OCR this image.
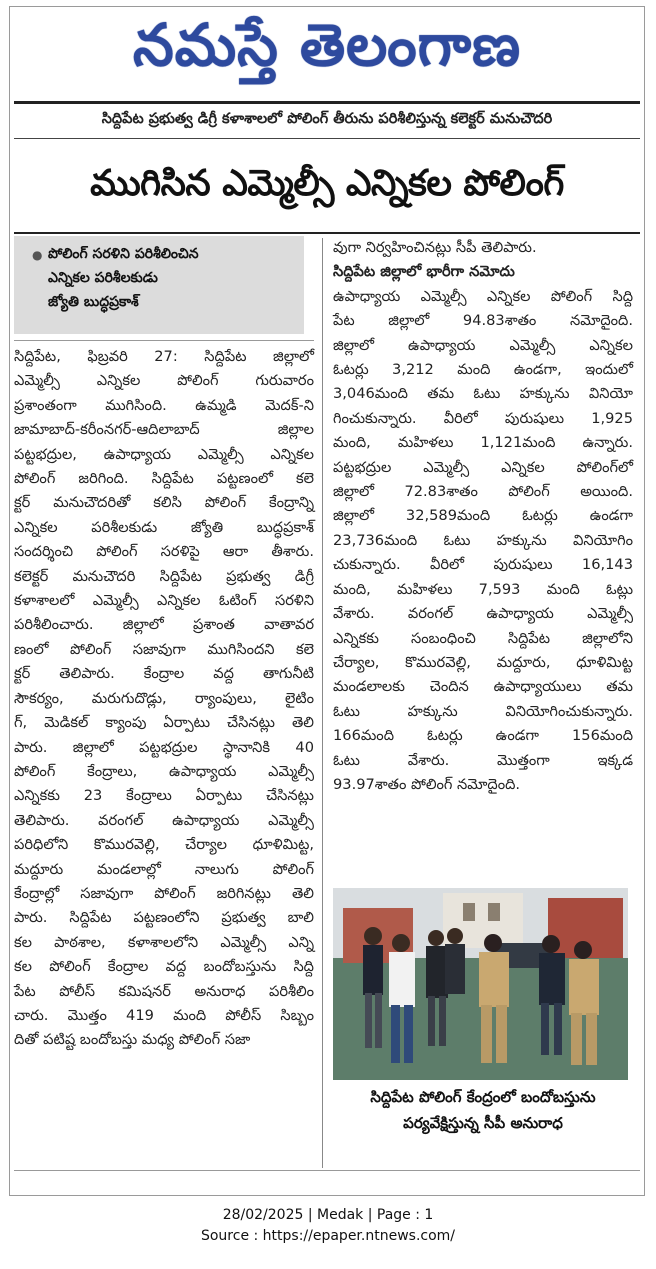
నమస్తే తెలంగాణ
సిద్దిపేట ప్రభుత్వ డిగ్రీ కళాశాలలో పోలింగ్ తీరును పరిశీలిస్తున్న కలెక్టర్ మనుచౌదరి
ముగిసిన ఎమ్మెల్సీ ఎన్నికల పోలింగ్
● పోలింగ్ సరళిని పరిశీలించిన
ఎన్నికల పరిశీలకుడు
జ్యోతి బుద్ధప్రకాశ్
సిద్దిపేట, ఫిబ్రవరి 27: సిద్దిపేట జిల్లాలో
ఎమ్మెల్సీ ఎన్నికల పోలింగ్ గురువారం
ప్రశాంతంగా ముగిసింది. ఉమ్మడి మెదక్-ని
జామాబాద్-కరీంనగర్-ఆదిలాబాద్ జిల్లాల
పట్టభద్రుల, ఉపాధ్యాయ ఎమ్మెల్సీ ఎన్నికల
పోలింగ్ జరిగింది. సిద్దిపేట పట్టణంలో కలె
క్టర్ మనుచౌదరితో కలిసి పోలింగ్ కేంద్రాన్ని
ఎన్నికల పరిశీలకుడు జ్యోతి బుద్ధప్రకాశ్
సందర్శించి పోలింగ్ సరళిపై ఆరా తీశారు.
కలెక్టర్ మనుచౌదరి సిద్దిపేట ప్రభుత్వ డిగ్రీ
కళాశాలలో ఎమ్మెల్సీ ఎన్నికల ఓటింగ్ సరళిని
పరిశీలించారు. జిల్లాలో ప్రశాంత వాతావర
ణంలో పోలింగ్ సజావుగా ముగిసిందని కలె
క్టర్ తెలిపారు. కేంద్రాల వద్ద తాగునీటి
సౌకర్యం, మరుగుదొడ్లు, ర్యాంపులు, లైటిం
గ్, మెడికల్ క్యాంపు ఏర్పాటు చేసినట్లు తెలి
పారు. జిల్లాలో పట్టభద్రుల స్థానానికి 40
పోలింగ్ కేంద్రాలు, ఉపాధ్యాయ ఎమ్మెల్సీ
ఎన్నికకు 23 కేంద్రాలు ఏర్పాటు చేసినట్లు
తెలిపారు. వరంగల్ ఉపాధ్యాయ ఎమ్మెల్సీ
పరిధిలోని కొమురవెల్లి, చేర్యాల ధూళిమిట్ట,
మద్దూరు మండలాల్లో నాలుగు పోలింగ్
కేంద్రాల్లో సజావుగా పోలింగ్ జరిగినట్లు తెలి
పారు. సిద్దిపేట పట్టణంలోని ప్రభుత్వ బాలి
కల పాఠశాల, కళాశాలలోని ఎమ్మెల్సీ ఎన్ని
కల పోలింగ్ కేంద్రాల వద్ద బందోబస్తును సిద్ది
పేట పోలీస్ కమిషనర్ అనురాధ పరిశీలిం
చారు. మొత్తం 419 మంది పోలీస్ సిబ్బం
దితో పటిష్ట బందోబస్తు మధ్య పోలింగ్ సజా
వుగా నిర్వహించినట్లు సీపీ తెలిపారు.
సిద్దిపేట జిల్లాలో భారీగా నమోదు
ఉపాధ్యాయ ఎమ్మెల్సీ ఎన్నికల పోలింగ్ సిద్ది
పేట జిల్లాలో 94.83శాతం నమోదైంది.
జిల్లాలో ఉపాధ్యాయ ఎమ్మెల్సీ ఎన్నికల
ఓటర్లు 3,212 మంది ఉండగా, ఇందులో
3,046మంది తమ ఓటు హక్కును వినియో
గించుకున్నారు. వీరిలో పురుషులు 1,925
మంది, మహిళలు 1,121మంది ఉన్నారు.
పట్టభద్రుల ఎమ్మెల్సీ ఎన్నికల పోలింగ్‌లో
జిల్లాలో 72.83శాతం పోలింగ్ అయింది.
జిల్లాలో 32,589మంది ఓటర్లు ఉండగా
23,736మంది ఓటు హక్కును వినియోగిం
చుకున్నారు. వీరిలో పురుషులు 16,143
మంది, మహిళలు 7,593 మంది ఓట్లు
వేశారు. వరంగల్ ఉపాధ్యాయ ఎమ్మెల్సీ
ఎన్నికకు సంబంధించి సిద్దిపేట జిల్లాలోని
చేర్యాల, కొమురవెల్లి, మద్దూరు, ధూళిమిట్ట
మండలాలకు చెందిన ఉపాధ్యాయులు తమ
ఓటు హక్కును వినియోగించుకున్నారు.
166మంది ఓటర్లు ఉండగా 156మంది
ఓటు వేశారు. మొత్తంగా ఇక్కడ
93.97శాతం పోలింగ్ నమోదైంది.
సిద్దిపేట పోలింగ్ కేంద్రంలో బందోబస్తును
పర్యవేక్షిస్తున్న సీపీ అనురాధ
28/02/2025 | Medak | Page : 1
Source : https://epaper.ntnews.com/
